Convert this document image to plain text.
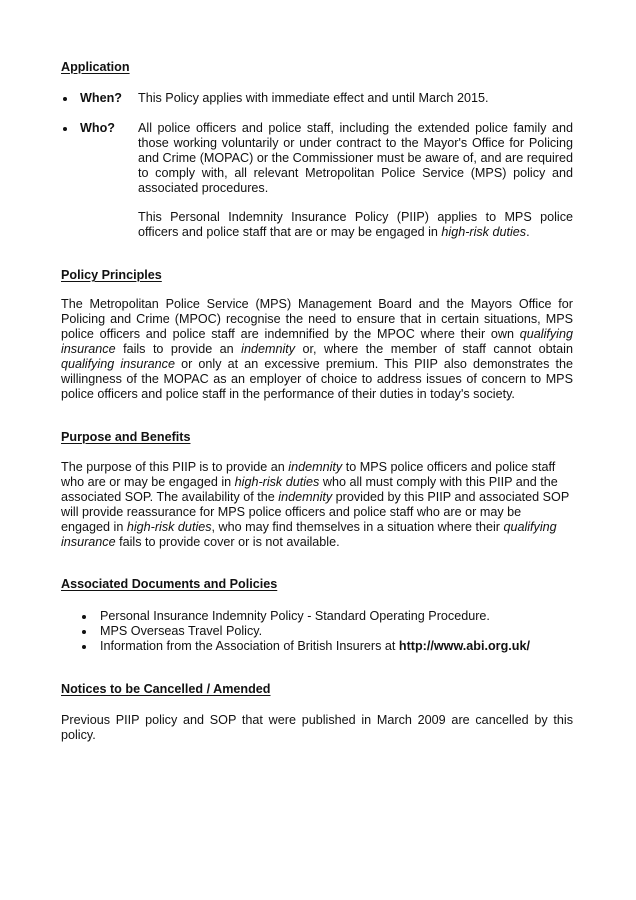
Application
When? This Policy applies with immediate effect and until March 2015.
Who? All police officers and police staff, including the extended police family and those working voluntarily or under contract to the Mayor's Office for Policing and Crime (MOPAC) or the Commissioner must be aware of, and are required to comply with, all relevant Metropolitan Police Service (MPS) policy and associated procedures.
This Personal Indemnity Insurance Policy (PIIP) applies to MPS police officers and police staff that are or may be engaged in high-risk duties.
Policy Principles
The Metropolitan Police Service (MPS) Management Board and the Mayors Office for Policing and Crime (MPOC) recognise the need to ensure that in certain situations, MPS police officers and police staff are indemnified by the MPOC where their own qualifying insurance fails to provide an indemnity or, where the member of staff cannot obtain qualifying insurance or only at an excessive premium. This PIIP also demonstrates the willingness of the MOPAC as an employer of choice to address issues of concern to MPS police officers and police staff in the performance of their duties in today's society.
Purpose and Benefits
The purpose of this PIIP is to provide an indemnity to MPS police officers and police staff who are or may be engaged in high-risk duties who all must comply with this PIIP and the associated SOP. The availability of the indemnity provided by this PIIP and associated SOP will provide reassurance for MPS police officers and police staff who are or may be engaged in high-risk duties, who may find themselves in a situation where their qualifying insurance fails to provide cover or is not available.
Associated Documents and Policies
Personal Insurance Indemnity Policy - Standard Operating Procedure.
MPS Overseas Travel Policy.
Information from the Association of British Insurers at http://www.abi.org.uk/
Notices to be Cancelled / Amended
Previous PIIP policy and SOP that were published in March 2009 are cancelled by this policy.
